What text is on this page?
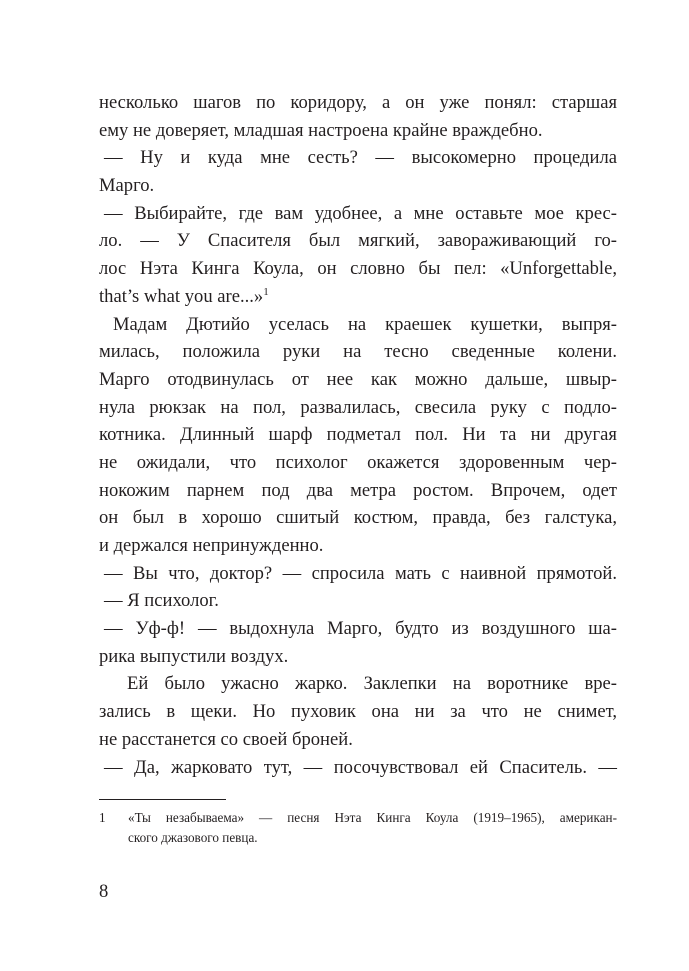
несколько шагов по коридору, а он уже понял: старшая
ему не доверяет, младшая настроена крайне враждебно.
— Ну и куда мне сесть? — высокомерно процедила
Марго.
— Выбирайте, где вам удобнее, а мне оставьте мое крес-
ло. — У Спасителя был мягкий, завораживающий го-
лос Нэта Кинга Коула, он словно бы пел: «Unforgettable,
that’s what you are...»$^1$
Мадам Дютийо уселась на краешек кушетки, выпря-
милась, положила руки на тесно сведенные колени.
Марго отодвинулась от нее как можно дальше, швыр-
нула рюкзак на пол, развалилась, свесила руку с подло-
котника. Длинный шарф подметал пол. Ни та ни другая
не ожидали, что психолог окажется здоровенным чер-
нокожим парнем под два метра ростом. Впрочем, одет
он был в хорошо сшитый костюм, правда, без галстука,
и держался непринужденно.
— Вы что, доктор? — спросила мать с наивной прямотой.
— Я психолог.
— Уф-ф! — выдохнула Марго, будто из воздушного ша-
рика выпустили воздух.
Ей было ужасно жарко. Заклепки на воротнике вре-
зались в щеки. Но пуховик она ни за что не снимет,
не расстанется со своей броней.
— Да, жарковато тут, — посочувствовал ей Спаситель. —
1	«Ты незабываема» — песня Нэта Кинга Коула (1919–1965), американ-
ского джазового певца.
8
